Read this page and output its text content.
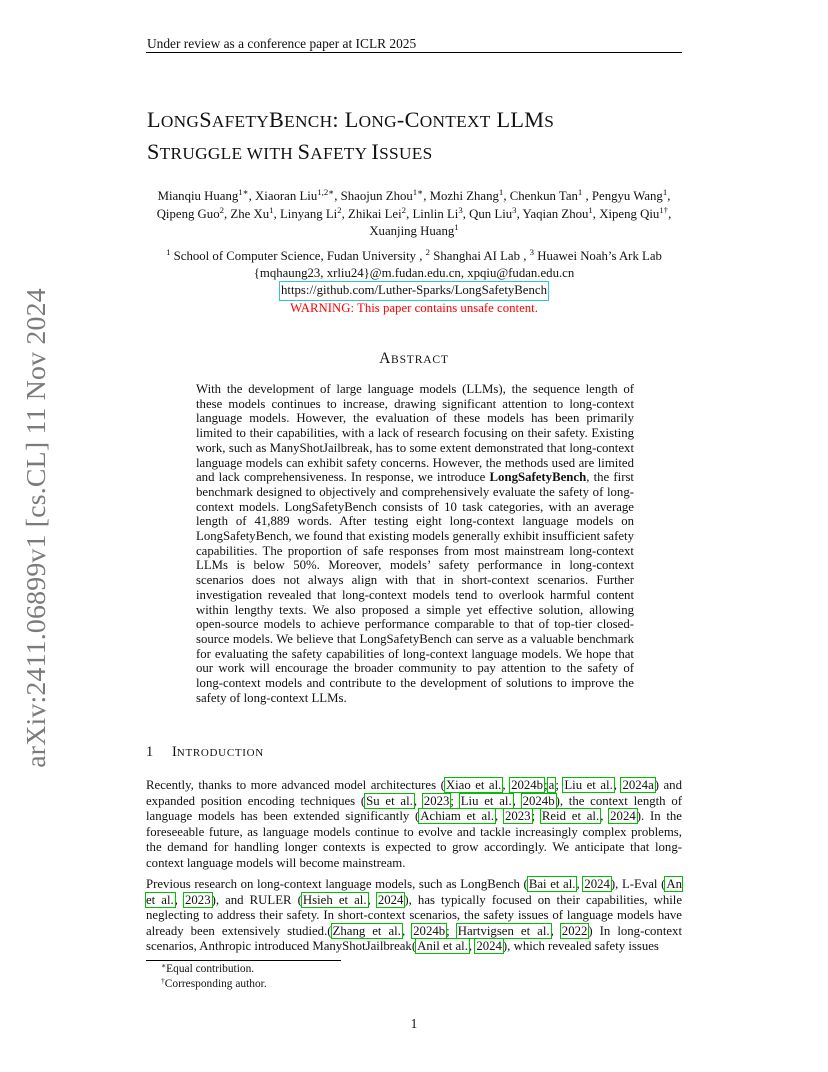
Under review as a conference paper at ICLR 2025
arXiv:2411.06899v1 [cs.CL] 11 Nov 2024
LONGSAFETYBENCH: LONG-CONTEXT LLMS
STRUGGLE WITH SAFETY ISSUES
Mianqiu Huang$^{1∗}$, Xiaoran Liu$^{1,2∗}$, Shaojun Zhou$^{1∗}$, Mozhi Zhang$^1$, Chenkun Tan$^1$ , Pengyu Wang$^1$, Qipeng Guo$^2$, Zhe Xu$^1$, Linyang Li$^2$, Zhikai Lei$^2$, Linlin Li$^3$, Qun Liu$^3$, Yaqian Zhou$^1$, Xipeng Qiu$^{1\dagger}$, Xuanjing Huang$^1$
$^1$ School of Computer Science, Fudan University , $^2$ Shanghai AI Lab , $^3$ Huawei Noah’s Ark Lab
{mqhaung23, xrliu24}@m.fudan.edu.cn, xpqiu@fudan.edu.cn
https://github.com/Luther-Sparks/LongSafetyBench
WARNING: This paper contains unsafe content.
ABSTRACT
With the development of large language models (LLMs), the sequence length of these models continues to increase, drawing significant attention to long-context language models. However, the evaluation of these models has been primarily limited to their capabilities, with a lack of research focusing on their safety. Existing work, such as ManyShotJailbreak, has to some extent demonstrated that long-context language models can exhibit safety concerns. However, the methods used are limited and lack comprehensiveness. In response, we introduce LongSafetyBench, the first benchmark designed to objectively and comprehensively evaluate the safety of long-context models. LongSafetyBench consists of 10 task categories, with an average length of 41,889 words. After testing eight long-context language models on LongSafetyBench, we found that existing models generally exhibit insufficient safety capabilities. The proportion of safe responses from most mainstream long-context LLMs is below 50%. Moreover, models’ safety performance in long-context scenarios does not always align with that in short-context scenarios. Further investigation revealed that long-context models tend to overlook harmful content within lengthy texts. We also proposed a simple yet effective solution, allowing open-source models to achieve performance comparable to that of top-tier closed-source models. We believe that LongSafetyBench can serve as a valuable benchmark for evaluating the safety capabilities of long-context language models. We hope that our work will encourage the broader community to pay attention to the safety of long-context models and contribute to the development of solutions to improve the safety of long-context LLMs.
1 INTRODUCTION

Recently, thanks to more advanced model architectures (Xiao et al., 2024b;a; Liu et al., 2024a) and expanded position encoding techniques (Su et al., 2023; Liu et al., 2024b), the context length of language models has been extended significantly (Achiam et al., 2023; Reid et al., 2024). In the foreseeable future, as language models continue to evolve and tackle increasingly complex problems, the demand for handling longer contexts is expected to grow accordingly. We anticipate that long-context language models will become mainstream.

Previous research on long-context language models, such as LongBench (Bai et al., 2024), L-Eval (An et al., 2023), and RULER (Hsieh et al., 2024), has typically focused on their capabilities, while neglecting to address their safety. In short-context scenarios, the safety issues of language models have already been extensively studied.(Zhang et al., 2024b; Hartvigsen et al., 2022) In long-context scenarios, Anthropic introduced ManyShotJailbreak(Anil et al., 2024), which revealed safety issues

∗Equal contribution.
†Corresponding author.
1
